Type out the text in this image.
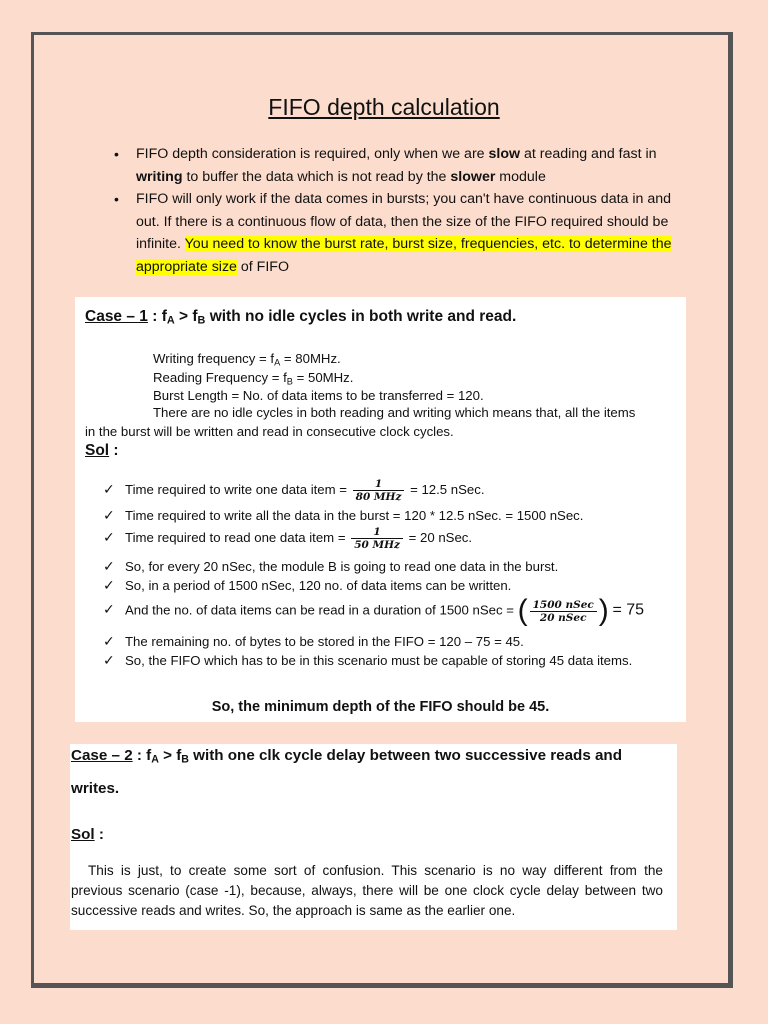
FIFO depth calculation
• FIFO depth consideration is required, only when we are slow at reading and fast in writing to buffer the data which is not read by the slower module
• FIFO will only work if the data comes in bursts; you can't have continuous data in and out. If there is a continuous flow of data, then the size of the FIFO required should be infinite. You need to know the burst rate, burst size, frequencies, etc. to determine the appropriate size of FIFO
Case – 1 : $f_A > f_B$ with no idle cycles in both write and read.
Writing frequency = $f_A = 80MHz$.
Reading Frequency = $f_B = 50MHz$.
Burst Length = No. of data items to be transferred = 120.
There are no idle cycles in both reading and writing which means that, all the items
in the burst will be written and read in consecutive clock cycles.
Sol :
✓ Time required to write one data item = $\frac{1}{\text{80 MHz}} = 12.5$ nSec.
✓ Time required to write all the data in the burst = 120 * 12.5 nSec. = 1500 nSec.
✓ Time required to read one data item = $\frac{1}{\text{50 MHz}} = 20$ nSec.
✓ So, for every 20 nSec, the module B is going to read one data in the burst.
✓ So, in a period of 1500 nSec, 120 no. of data items can be written.
✓ And the no. of data items can be read in a duration of 1500 nSec = ( $\frac{\text{1500 nSec}}{\text{20 nSec}}$ ) = 75
✓ The remaining no. of bytes to be stored in the FIFO = 120 – 75 = 45.
✓ So, the FIFO which has to be in this scenario must be capable of storing 45 data items.
So, the minimum depth of the FIFO should be 45.
Case – 2 : $f_A > f_B$ with one clk cycle delay between two successive reads and
writes.
Sol :
This is just, to create some sort of confusion. This scenario is no way different from the previous scenario (case -1), because, always, there will be one clock cycle delay between two successive reads and writes. So, the approach is same as the earlier one.
